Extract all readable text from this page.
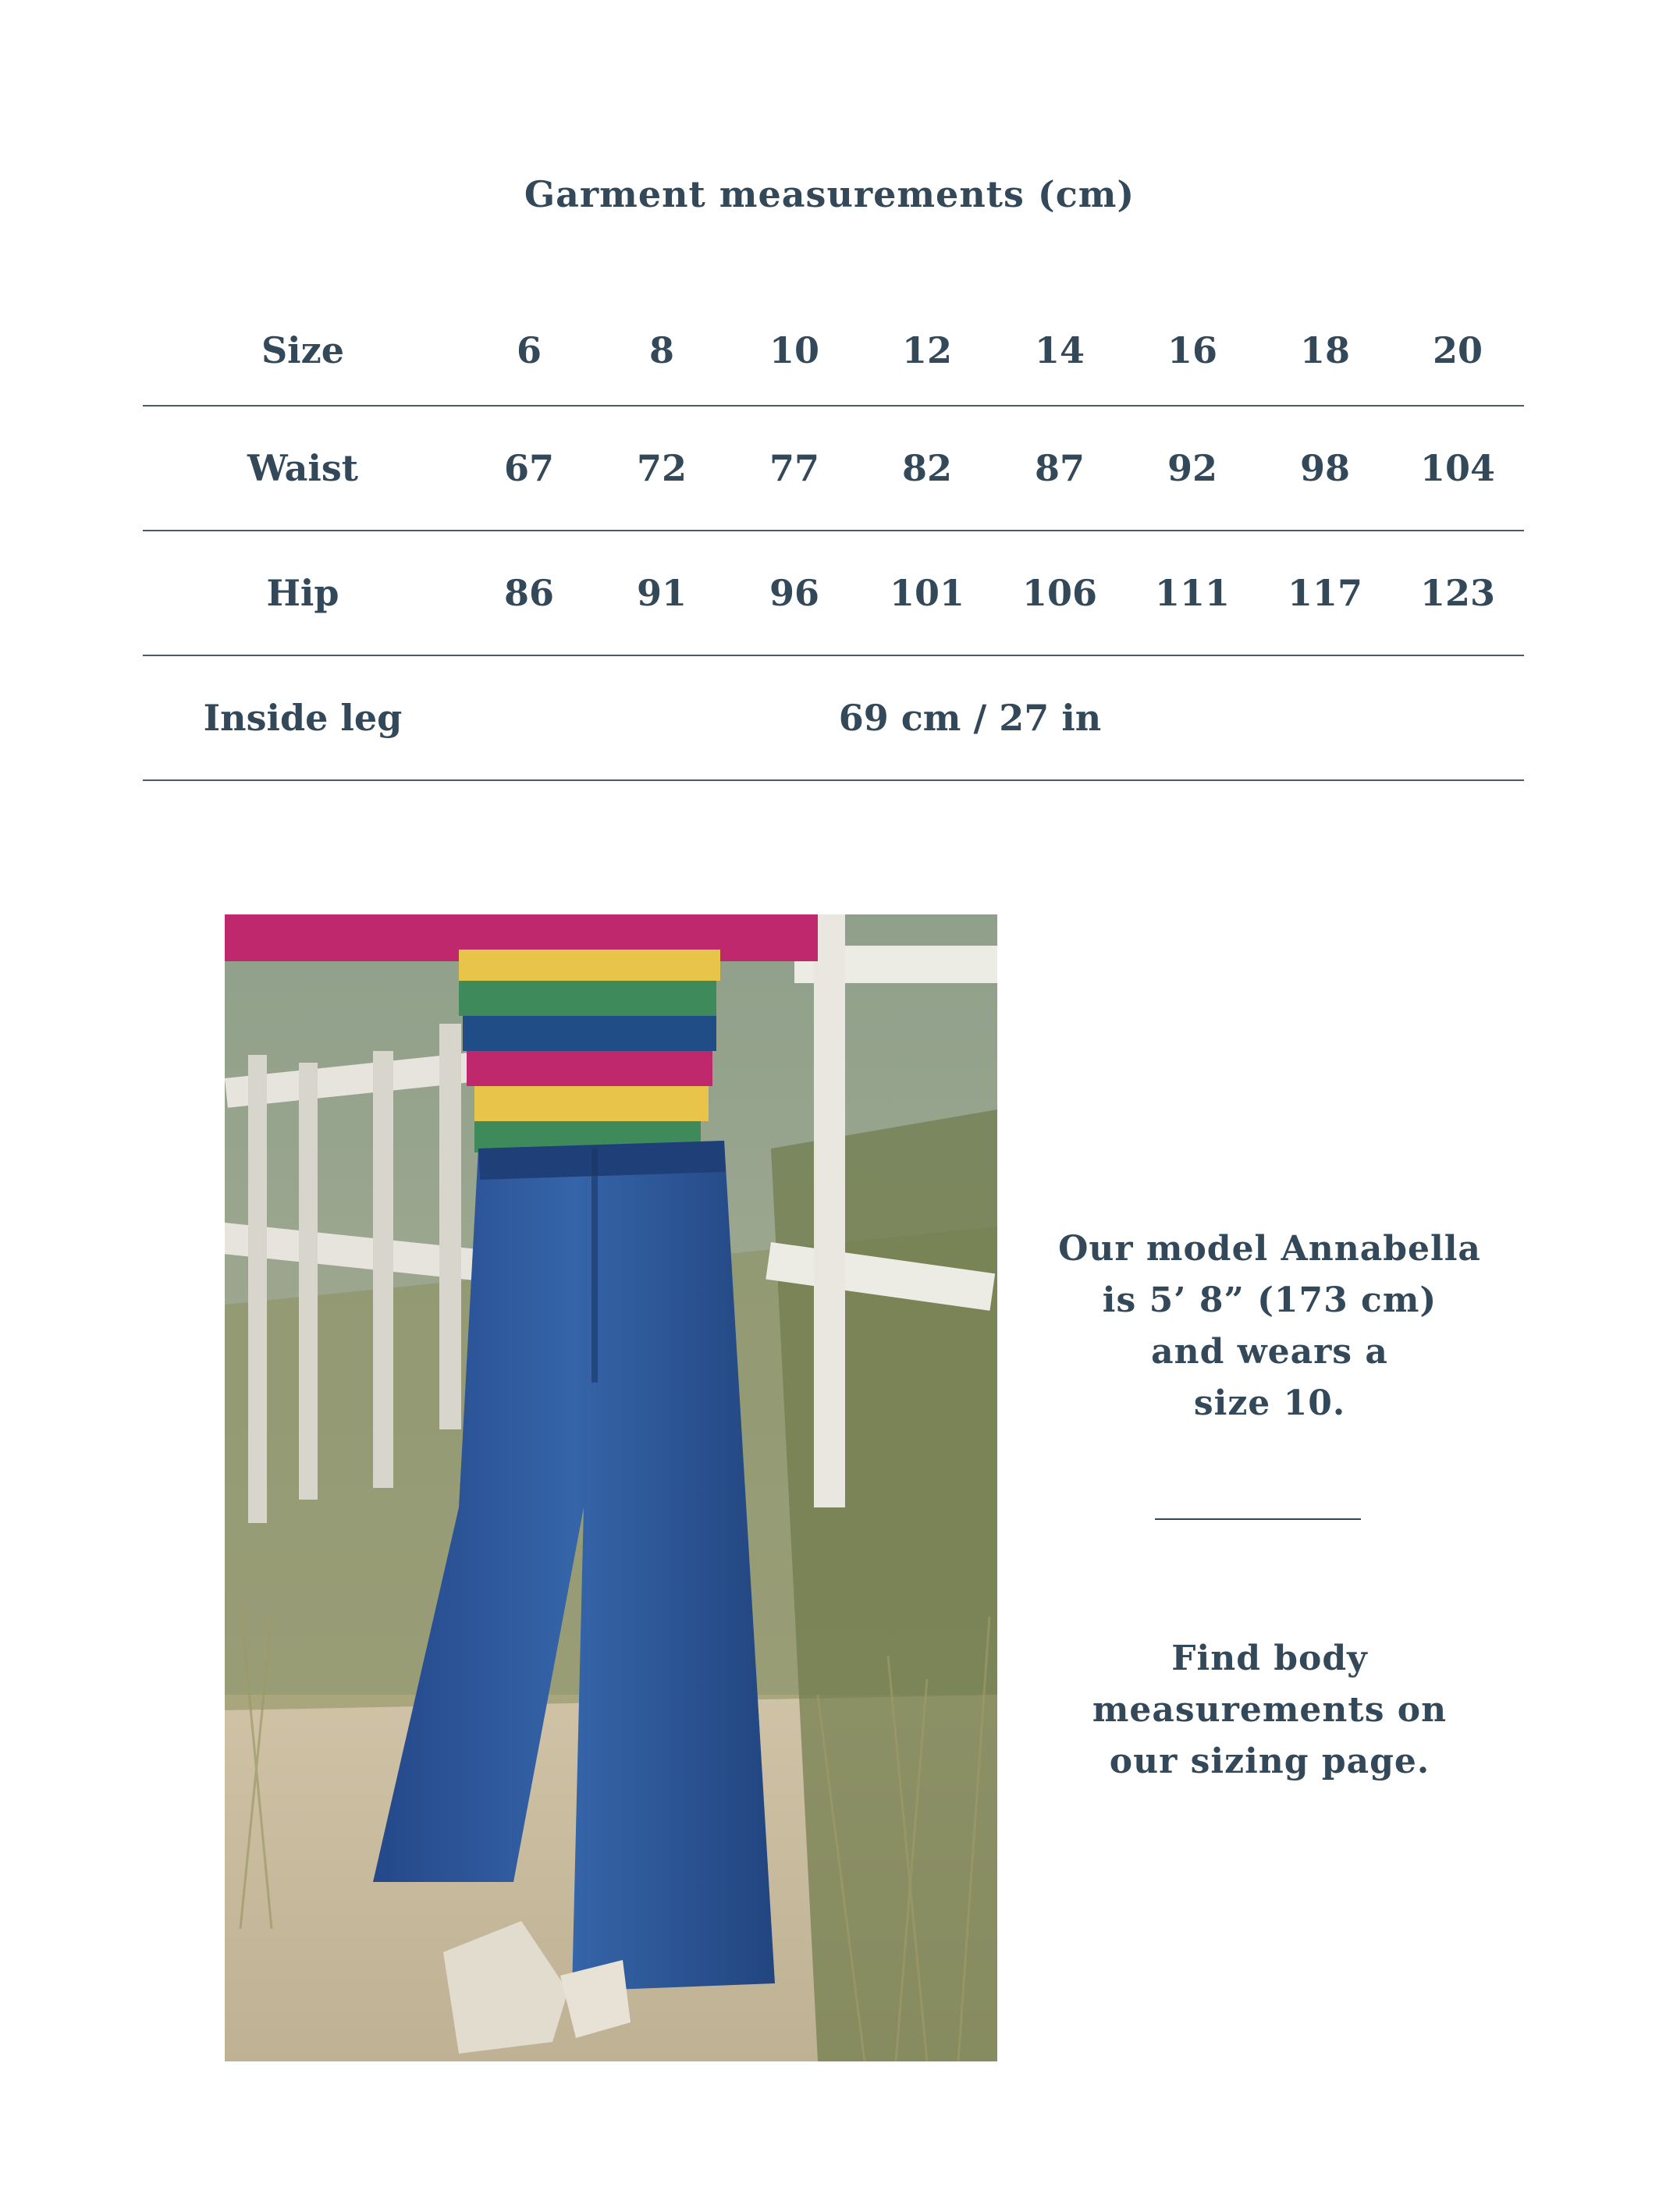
Garment measurements (cm)
Size	6	8	10	12	14	16	18	20
Waist	67	72	77	82	87	92	98	104
Hip	86	91	96	101	106	111	117	123
Inside leg	69 cm / 27 in							
Our model Annabella
is 5’ 8” (173 cm)
and wears a
size 10.
Find body
measurements on
our sizing page.
